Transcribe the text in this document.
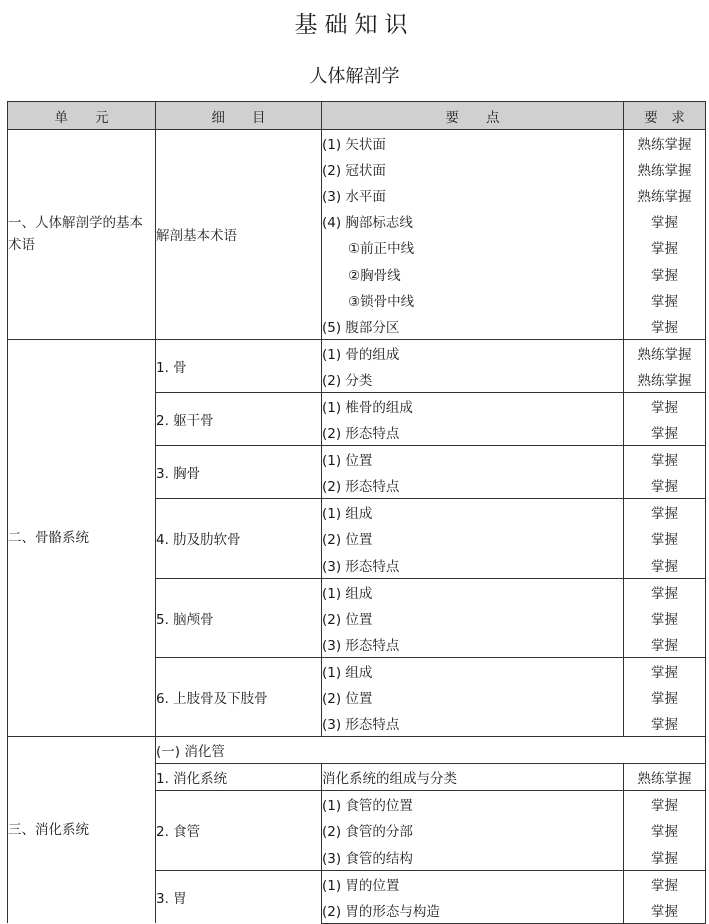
基础知识
人体解剖学
单　　元	细　　目	要　　点	要　求

一、人体解剖学的基本术语	解剖基本术语	(1) 矢状面	熟练掌握
		(2) 冠状面	熟练掌握
		(3) 水平面	熟练掌握
		(4) 胸部标志线	掌握
		①前正中线	掌握
		②胸骨线	掌握
		③锁骨中线	掌握
		(5) 腹部分区	掌握

二、骨骼系统	1. 骨	(1) 骨的组成	熟练掌握
		(2) 分类	熟练掌握
	2. 躯干骨	(1) 椎骨的组成	掌握
		(2) 形态特点	掌握
	3. 胸骨	(1) 位置	掌握
		(2) 形态特点	掌握
	4. 肋及肋软骨	(1) 组成	掌握
		(2) 位置	掌握
		(3) 形态特点	掌握
	5. 脑颅骨	(1) 组成	掌握
		(2) 位置	掌握
		(3) 形态特点	掌握
	6. 上肢骨及下肢骨	(1) 组成	掌握
		(2) 位置	掌握
		(3) 形态特点	掌握

三、消化系统	(一) 消化管		
	1. 消化系统	消化系统的组成与分类	熟练掌握
	2. 食管	(1) 食管的位置	掌握
		(2) 食管的分部	掌握
		(3) 食管的结构	掌握
	3. 胃	(1) 胃的位置	掌握
		(2) 胃的形态与构造	掌握
